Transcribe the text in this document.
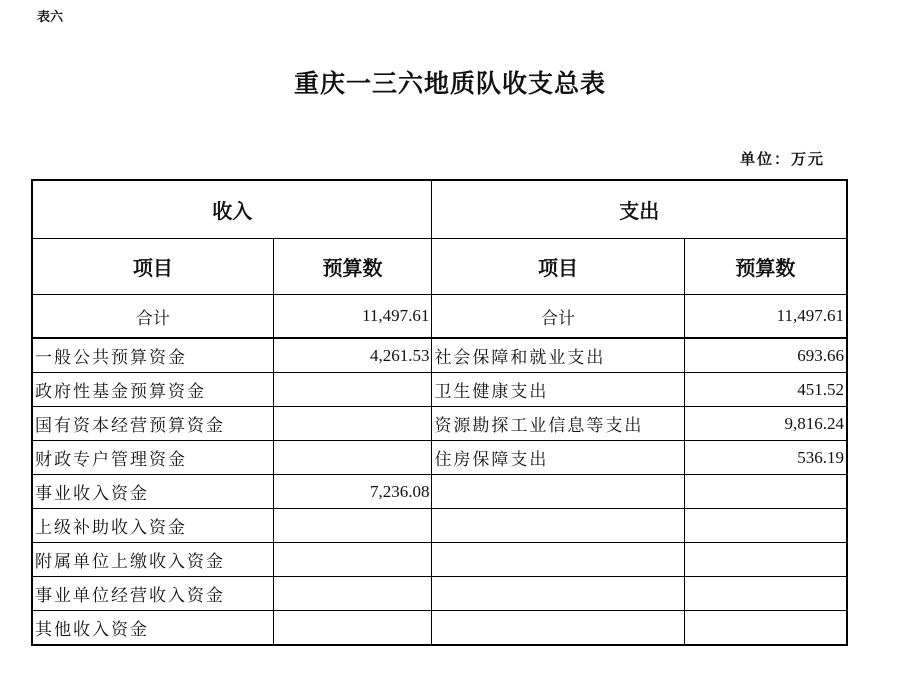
表六
重庆一三六地质队收支总表
单位：万元
收入		支出	
项目	预算数	项目	预算数
合计	11,497.61	合计	11,497.61
一般公共预算资金	4,261.53	社会保障和就业支出	693.66
政府性基金预算资金		卫生健康支出	451.52
国有资本经营预算资金		资源勘探工业信息等支出	9,816.24
财政专户管理资金		住房保障支出	536.19
事业收入资金	7,236.08		
上级补助收入资金			
附属单位上缴收入资金			
事业单位经营收入资金			
其他收入资金			
